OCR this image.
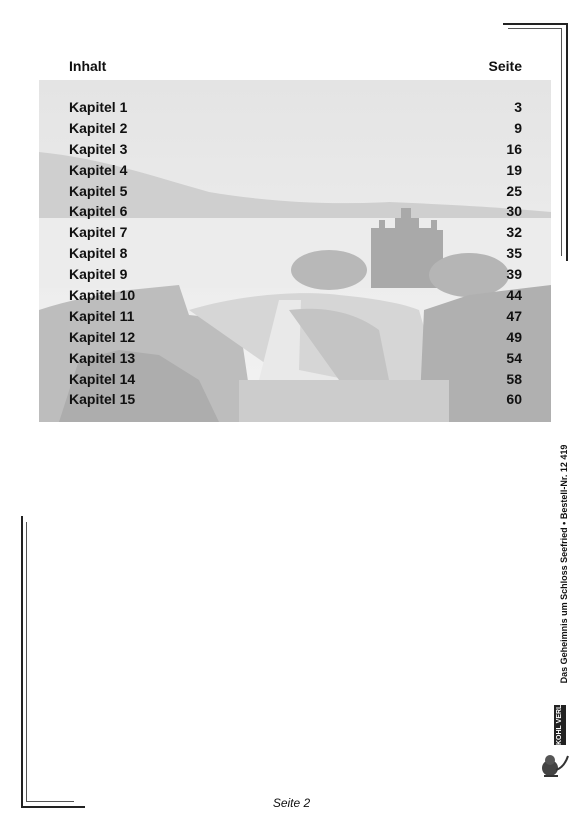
Inhalt	Seite
Kapitel 1	3
Kapitel 2	9
Kapitel 3	16
Kapitel 4	19
Kapitel 5	25
Kapitel 6	30
Kapitel 7	32
Kapitel 8	35
Kapitel 9	39
Kapitel 10	44
Kapitel 11	47
Kapitel 12	49
Kapitel 13	54
Kapitel 14	58
Kapitel 15	60
Das Geheimnis um Schloss Seefried • Bestell-Nr. 12 419
KOHL VERLAG
Seite 2
